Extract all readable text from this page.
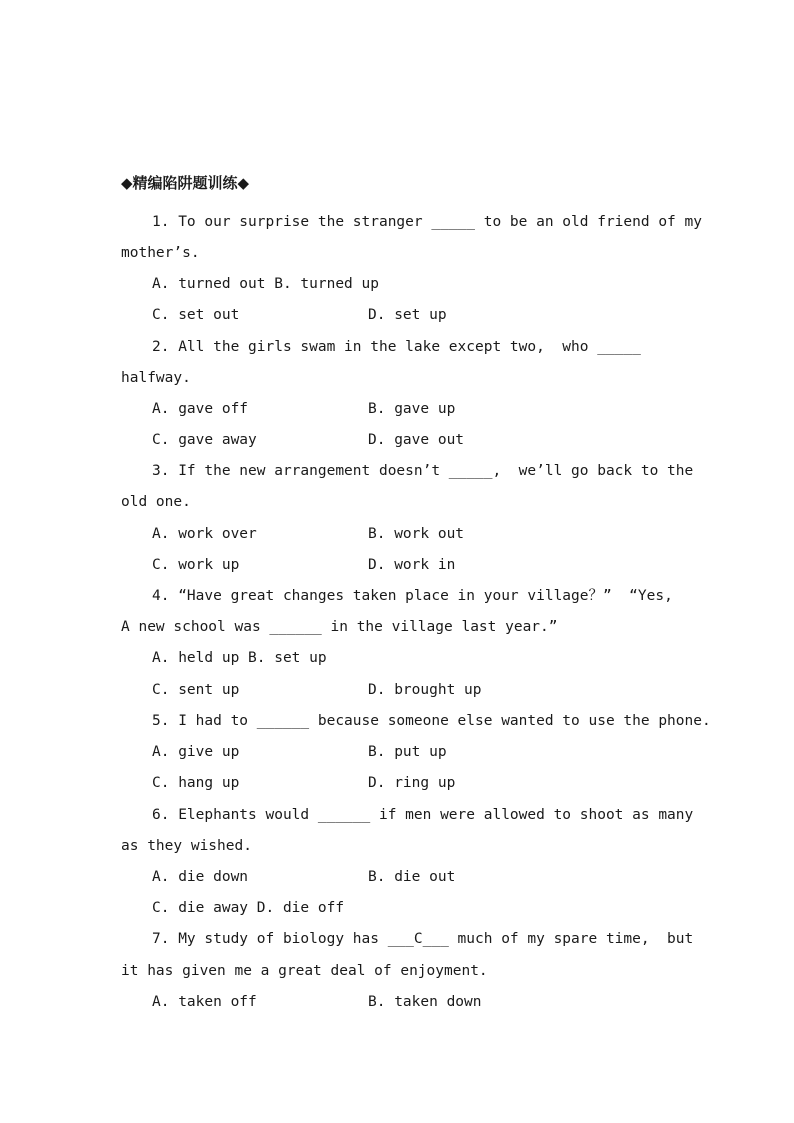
◆精编陷阱题训练◆
1. To our surprise the stranger _____ to be an old friend of my
mother’s.
A. turned out B. turned up
C. set out	D. set up
2. All the girls swam in the lake except two,  who _____
halfway.
A. gave off	B. gave up
C. gave away	D. gave out
3. If the new arrangement doesn’t _____,  we’ll go back to the
old one.
A. work over	B. work out
C. work up	D. work in
4. “Have great changes taken place in your village？”  “Yes,
A new school was ______ in the village last year.”
A. held up B. set up
C. sent up	D. brought up
5. I had to ______ because someone else wanted to use the phone.
A. give up	B. put up
C. hang up	D. ring up
6. Elephants would ______ if men were allowed to shoot as many
as they wished.
A. die down	B. die out
C. die away D. die off
7. My study of biology has ___C___ much of my spare time,  but
it has given me a great deal of enjoyment.
A. taken off	B. taken down
